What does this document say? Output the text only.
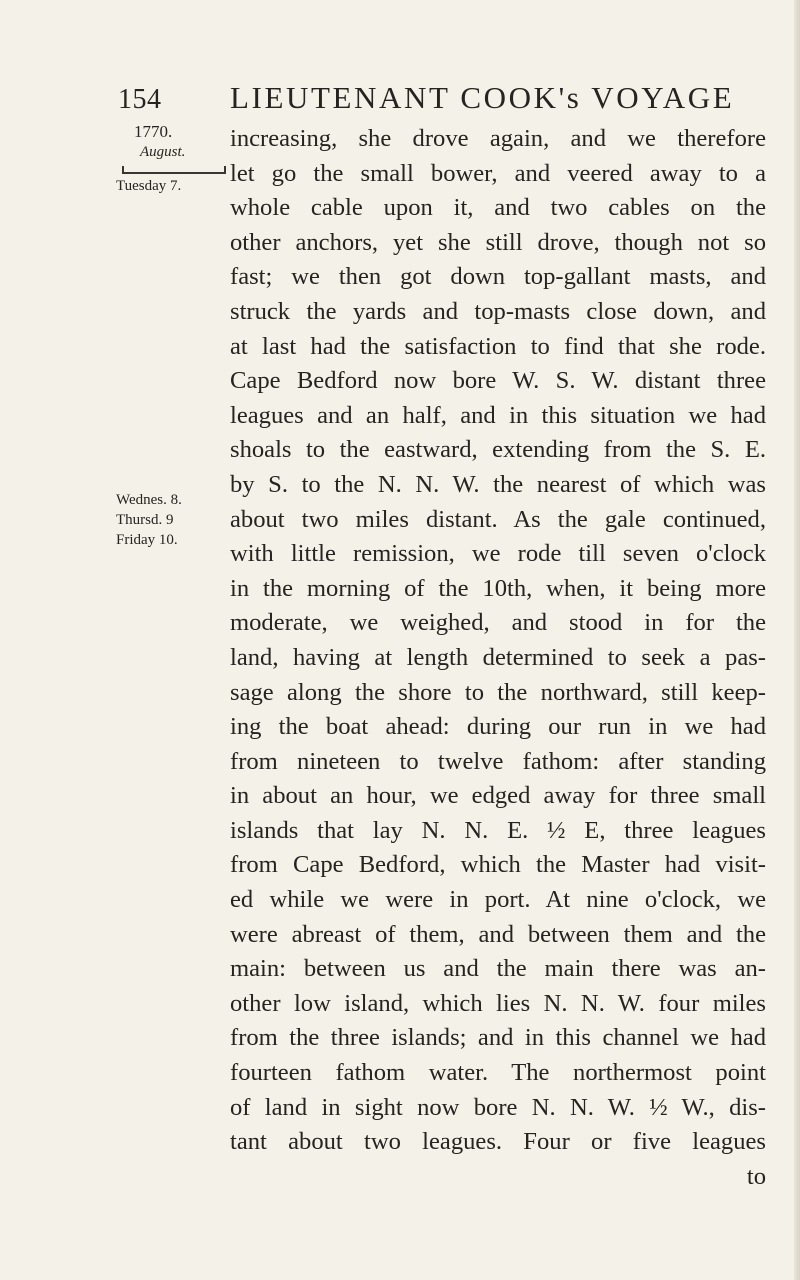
154 LIEUTENANT COOK's VOYAGE
1770.
August.
Tuesday 7.
Wednes. 8.
Thursd. 9
Friday 10.
increasing, she drove again, and we therefore
let go the small bower, and veered away to a
whole cable upon it, and two cables on the
other anchors, yet she still drove, though not so
fast; we then got down top-gallant masts, and
struck the yards and top-masts close down, and
at last had the satisfaction to find that she rode.
Cape Bedford now bore W. S. W. distant three
leagues and an half, and in this situation we had
shoals to the eastward, extending from the S. E.
by S. to the N. N. W. the nearest of which was
about two miles distant. As the gale continued,
with little remission, we rode till seven o'clock
in the morning of the 10th, when, it being more
moderate, we weighed, and stood in for the
land, having at length determined to seek a pas-
sage along the shore to the northward, still keep-
ing the boat ahead: during our run in we had
from nineteen to twelve fathom: after standing
in about an hour, we edged away for three small
islands that lay N. N. E. ½ E, three leagues
from Cape Bedford, which the Master had visit-
ed while we were in port. At nine o'clock, we
were abreast of them, and between them and the
main: between us and the main there was an-
other low island, which lies N. N. W. four miles
from the three islands; and in this channel we had
fourteen fathom water. The northermost point
of land in sight now bore N. N. W. ½ W., dis-
tant about two leagues. Four or five leagues
to
